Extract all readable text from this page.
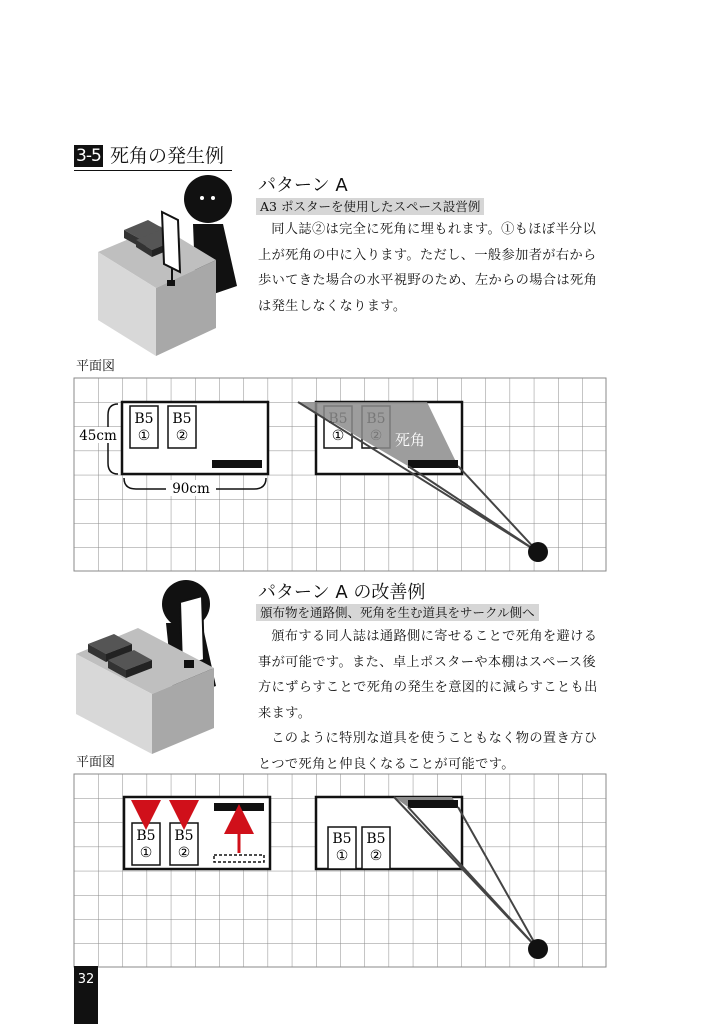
3-5 死角の発生例
パターン A
A3 ポスターを使用したスペース設営例

同人誌②は完全に死角に埋もれます。①もほぼ半分以上が死角の中に入ります。ただし、一般参加者が右から歩いてきた場合の水平視野のため、左からの場合は死角は発生しなくなります。

平面図
B5
①
B5
②
45cm
90cm
①	死角
パターン A の改善例
頒布物を通路側、死角を生む道具をサークル側へ

頒布する同人誌は通路側に寄せることで死角を避ける事が可能です。また、卓上ポスターや本棚はスペース後方にずらすことで死角の発生を意図的に減らすことも出来ます。

このように特別な道具を使うこともなく物の置き方ひとつで死角と仲良くなることが可能です。

平面図
B5
①
B5
②
B5
①
B5
②
32
